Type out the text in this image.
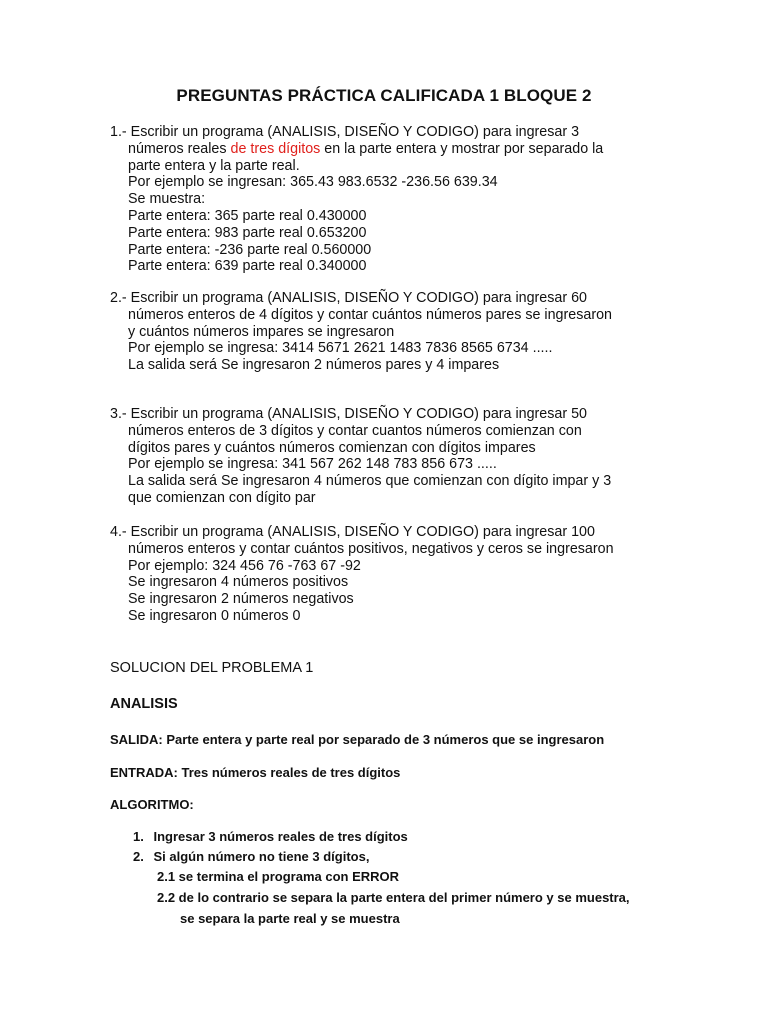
PREGUNTAS PRÁCTICA CALIFICADA 1 BLOQUE 2
1.- Escribir un programa (ANALISIS, DISEÑO Y CODIGO) para ingresar 3
números reales de tres dígitos en la parte entera y mostrar por separado la
parte entera y la parte real.
Por ejemplo se ingresan: 365.43 983.6532 -236.56 639.34
Se muestra:
Parte entera: 365 parte real 0.430000
Parte entera: 983 parte real 0.653200
Parte entera: -236 parte real 0.560000
Parte entera: 639 parte real 0.340000
2.- Escribir un programa (ANALISIS, DISEÑO Y CODIGO) para ingresar 60
números enteros de 4 dígitos y contar cuántos números pares se ingresaron
y cuántos números impares se ingresaron
Por ejemplo se ingresa: 3414 5671 2621 1483 7836 8565 6734 .....
La salida será Se ingresaron 2 números pares y 4 impares
3.- Escribir un programa (ANALISIS, DISEÑO Y CODIGO) para ingresar 50
números enteros de 3 dígitos y contar cuantos números comienzan con
dígitos pares y cuántos números comienzan con dígitos impares
Por ejemplo se ingresa: 341 567 262 148 783 856 673 .....
La salida será Se ingresaron 4 números que comienzan con dígito impar y 3
que comienzan con dígito par
4.- Escribir un programa (ANALISIS, DISEÑO Y CODIGO) para ingresar 100
números enteros y contar cuántos positivos, negativos y ceros se ingresaron
Por ejemplo: 324 456 76 -763 67 -92
Se ingresaron 4 números positivos
Se ingresaron 2 números negativos
Se ingresaron 0 números 0
SOLUCION DEL PROBLEMA 1
ANALISIS
SALIDA: Parte entera y parte real por separado de 3 números que se ingresaron
ENTRADA: Tres números reales de tres dígitos
ALGORITMO:
1. Ingresar 3 números reales de tres dígitos
2. Si algún número no tiene 3 dígitos,
2.1 se termina el programa con ERROR
2.2 de lo contrario se separa la parte entera del primer número y se muestra,
se separa la parte real y se muestra
